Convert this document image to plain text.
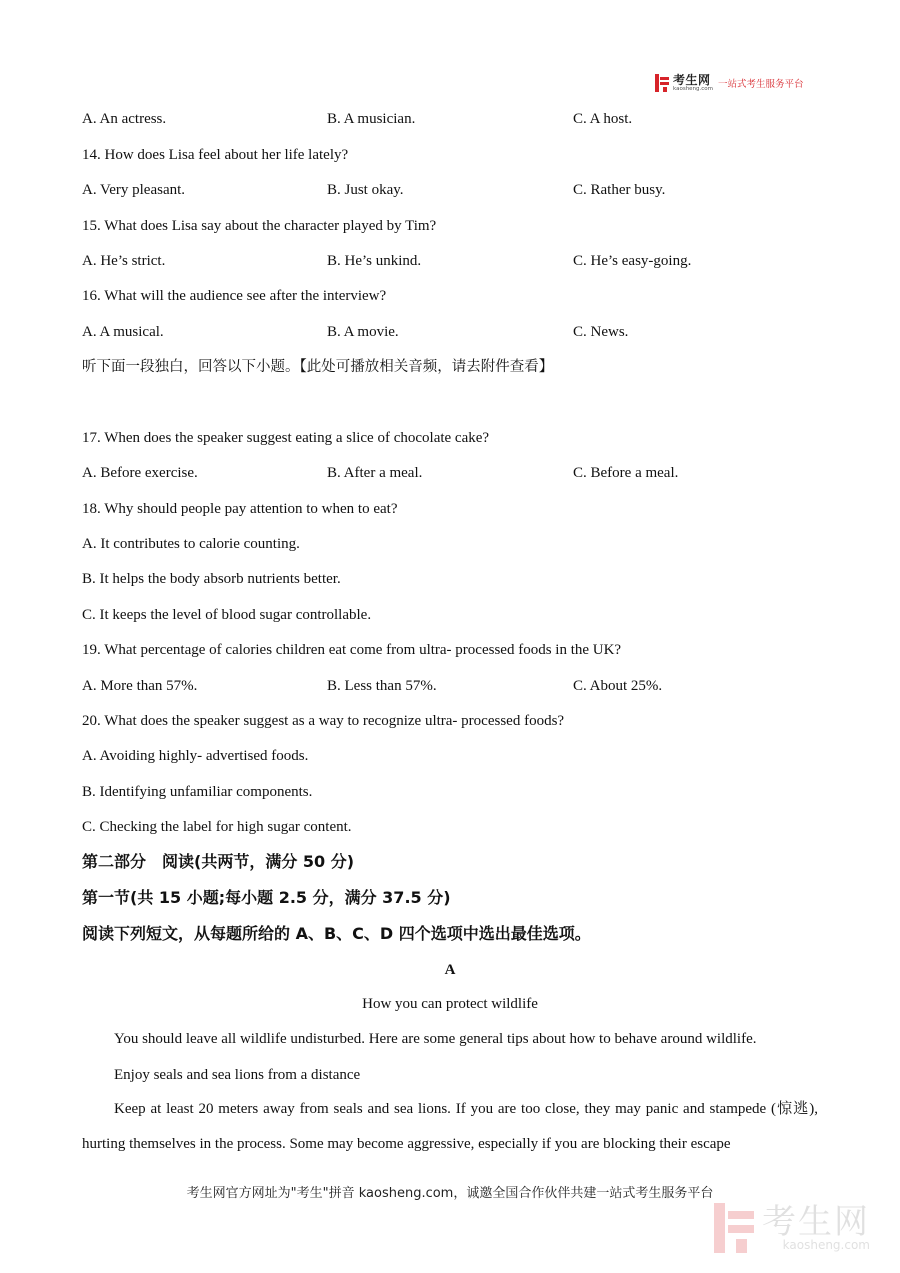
考生网
kaosheng.com 一站式考生服务平台
A. An actress.	B. A musician.	C. A host.
14. How does Lisa feel about her life lately?
A. Very pleasant.	B. Just okay.	C. Rather busy.
15. What does Lisa say about the character played by Tim?
A. He’s strict.	B. He’s unkind.	C. He’s easy-going.
16. What will the audience see after the interview?
A. A musical.	B. A movie.	C. News.
听下面一段独白，回答以下小题。【此处可播放相关音频，请去附件查看】
17. When does the speaker suggest eating a slice of chocolate cake?
A. Before exercise.	B. After a meal.	C. Before a meal.
18. Why should people pay attention to when to eat?
A. It contributes to calorie counting.
B. It helps the body absorb nutrients better.
C. It keeps the level of blood sugar controllable.
19. What percentage of calories children eat come from ultra- processed foods in the UK?
A. More than 57%.	B. Less than 57%.	C. About 25%.
20. What does the speaker suggest as a way to recognize ultra- processed foods?
A. Avoiding highly- advertised foods.
B. Identifying unfamiliar components.
C. Checking the label for high sugar content.
第二部分　阅读(共两节，满分 50 分)
第一节(共 15 小题;每小题 2.5 分，满分 37.5 分)
阅读下列短文，从每题所给的 A、B、C、D 四个选项中选出最佳选项。
A
How you can protect wildlife
You should leave all wildlife undisturbed. Here are some general tips about how to behave around wildlife.
Enjoy seals and sea lions from a distance
Keep at least 20 meters away from seals and sea lions. If you are too close, they may panic and stampede (惊逃), hurting themselves in the process. Some may become aggressive, especially if you are blocking their escape
考生网官方网址为"考生"拼音 kaosheng.com，诚邀全国合作伙伴共建一站式考生服务平台
考生网
kaosheng.com
